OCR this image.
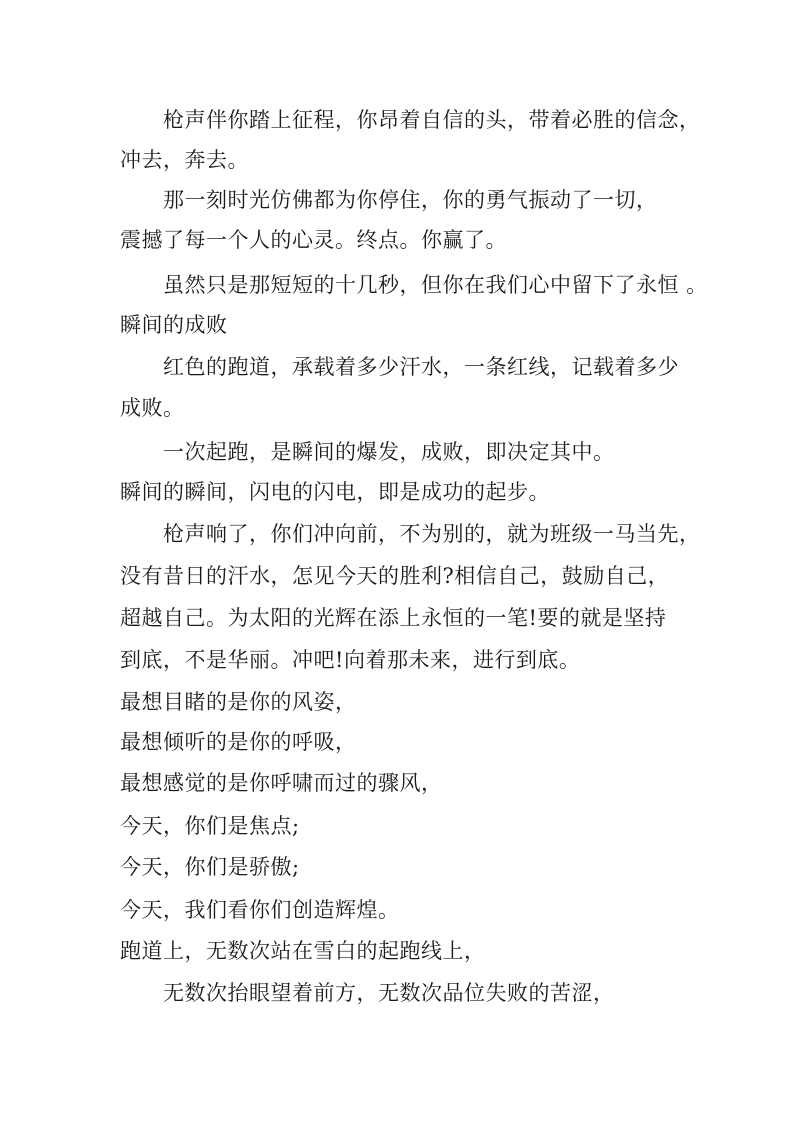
枪声伴你踏上征程，你昂着自信的头，带着必胜的信念，

冲去，奔去。

那一刻时光仿佛都为你停住，你的勇气振动了一切，

震撼了每一个人的心灵。终点。你赢了。

虽然只是那短短的十几秒，但你在我们心中留下了永恒 。

瞬间的成败

红色的跑道，承载着多少汗水，一条红线，记载着多少

成败。

一次起跑，是瞬间的爆发，成败，即决定其中。

瞬间的瞬间，闪电的闪电，即是成功的起步。

枪声响了，你们冲向前，不为别的，就为班级一马当先，

没有昔日的汗水，怎见今天的胜利?相信自己，鼓励自己，

超越自己。为太阳的光辉在添上永恒的一笔!要的就是坚持

到底，不是华丽。冲吧!向着那未来，进行到底。

最想目睹的是你的风姿，

最想倾听的是你的呼吸，

最想感觉的是你呼啸而过的骤风，

今天，你们是焦点;

今天，你们是骄傲;

今天，我们看你们创造辉煌。

跑道上，无数次站在雪白的起跑线上，

无数次抬眼望着前方，无数次品位失败的苦涩，
